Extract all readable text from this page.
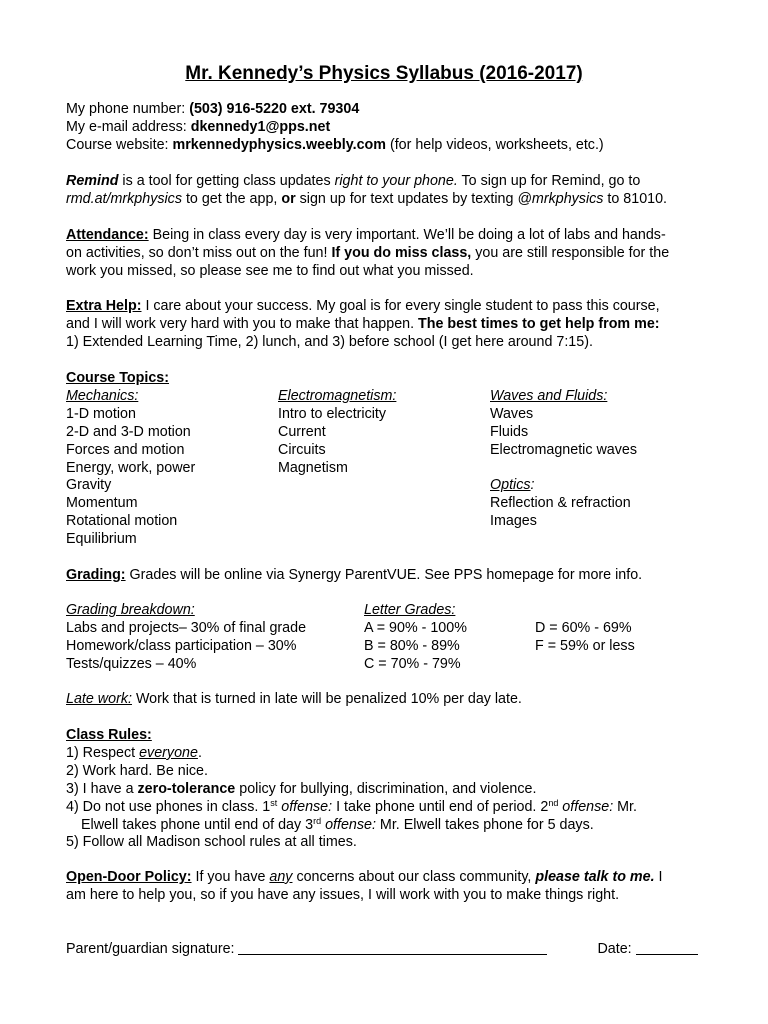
Mr. Kennedy’s Physics Syllabus (2016-2017)
My phone number: (503) 916-5220 ext. 79304
My e-mail address: dkennedy1@pps.net
Course website: mrkennedyphysics.weebly.com (for help videos, worksheets, etc.)
Remind is a tool for getting class updates right to your phone. To sign up for Remind, go to
rmd.at/mrkphysics to get the app, or sign up for text updates by texting @mrkphysics to 81010.
Attendance: Being in class every day is very important. We’ll be doing a lot of labs and hands-
on activities, so don’t miss out on the fun! If you do miss class, you are still responsible for the
work you missed, so please see me to find out what you missed.
Extra Help: I care about your success. My goal is for every single student to pass this course,
and I will work very hard with you to make that happen. The best times to get help from me:
1) Extended Learning Time, 2) lunch, and 3) before school (I get here around 7:15).
Course Topics:
Mechanics:
1-D motion
2-D and 3-D motion
Forces and motion
Energy, work, power
Gravity
Momentum
Rotational motion
Equilibrium
Electromagnetism:
Intro to electricity
Current
Circuits
Magnetism
Waves and Fluids:
Waves
Fluids
Electromagnetic waves

Optics:
Reflection & refraction
Images
Grading: Grades will be online via Synergy ParentVUE. See PPS homepage for more info.
Grading breakdown:
Labs and projects– 30% of final grade
Homework/class participation – 30%
Tests/quizzes – 40%
Letter Grades:
A = 90% - 100%
B = 80% - 89%
C = 70% - 79%
D = 60% - 69%
F = 59% or less
Late work: Work that is turned in late will be penalized 10% per day late.
Class Rules:
1) Respect everyone.
2) Work hard. Be nice.
3) I have a zero-tolerance policy for bullying, discrimination, and violence.
4) Do not use phones in class. 1st offense: I take phone until end of period. 2nd offense: Mr.
Elwell takes phone until end of day 3rd offense: Mr. Elwell takes phone for 5 days.
5) Follow all Madison school rules at all times.
Open-Door Policy: If you have any concerns about our class community, please talk to me. I
am here to help you, so if you have any issues, I will work with you to make things right.
Parent/guardian signature:	Date:
